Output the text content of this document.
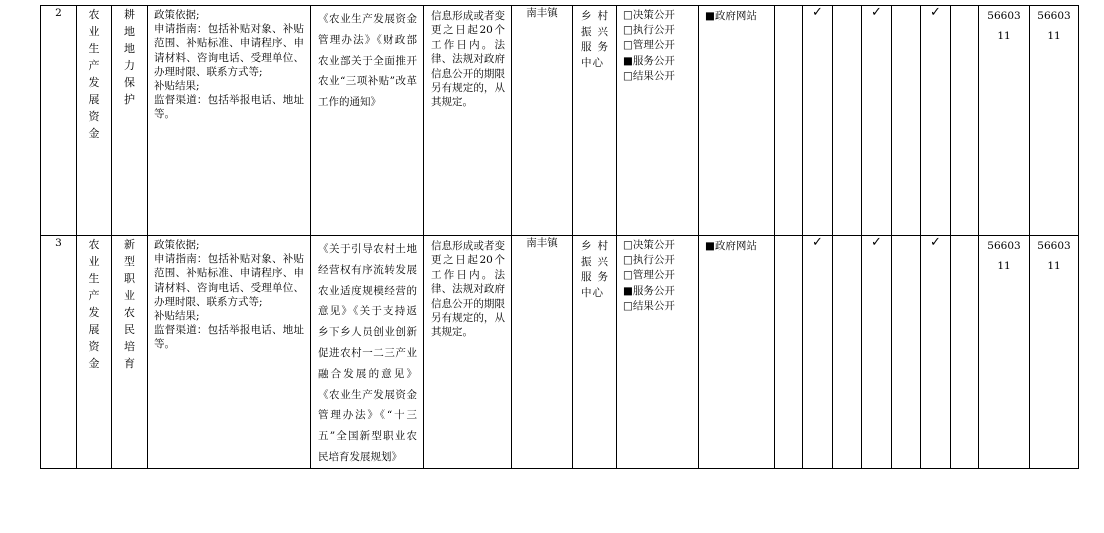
2	农业生产发展资金	耕地地力保护	政策依据;
申请指南：包括补贴对象、补贴范围、补贴标准、申请程序、申请材料、咨询电话、受理单位、办理时限、联系方式等;
补贴结果;
监督渠道：包括举报电话、地址等。	《农业生产发展资金管理办法》《财政部 农业部关于全面推开农业“三项补贴”改革工作的通知》	信息形成或者变更之日起20个工作日内。法律、法规对政府信息公开的期限另有规定的，从其规定。	南丰镇	乡村振兴服务中心	□决策公开
□执行公开
□管理公开
■服务公开
□结果公开	■政府网站		✓		✓		✓		5660311	5660311

3	农业生产发展资金	新型职业农民培育	政策依据;
申请指南：包括补贴对象、补贴范围、补贴标准、申请程序、申请材料、咨询电话、受理单位、办理时限、联系方式等;
补贴结果;
监督渠道：包括举报电话、地址等。	《关于引导农村土地经营权有序流转发展农业适度规模经营的意见》《关于支持返乡下乡人员创业创新促进农村一二三产业融合发展的意见》《农业生产发展资金管理办法》《“十三五”全国新型职业农民培育发展规划》	信息形成或者变更之日起20个工作日内。法律、法规对政府信息公开的期限另有规定的，从其规定。	南丰镇	乡村振兴服务中心	□决策公开
□执行公开
□管理公开
■服务公开
□结果公开	■政府网站		✓		✓		✓		5660311	5660311
